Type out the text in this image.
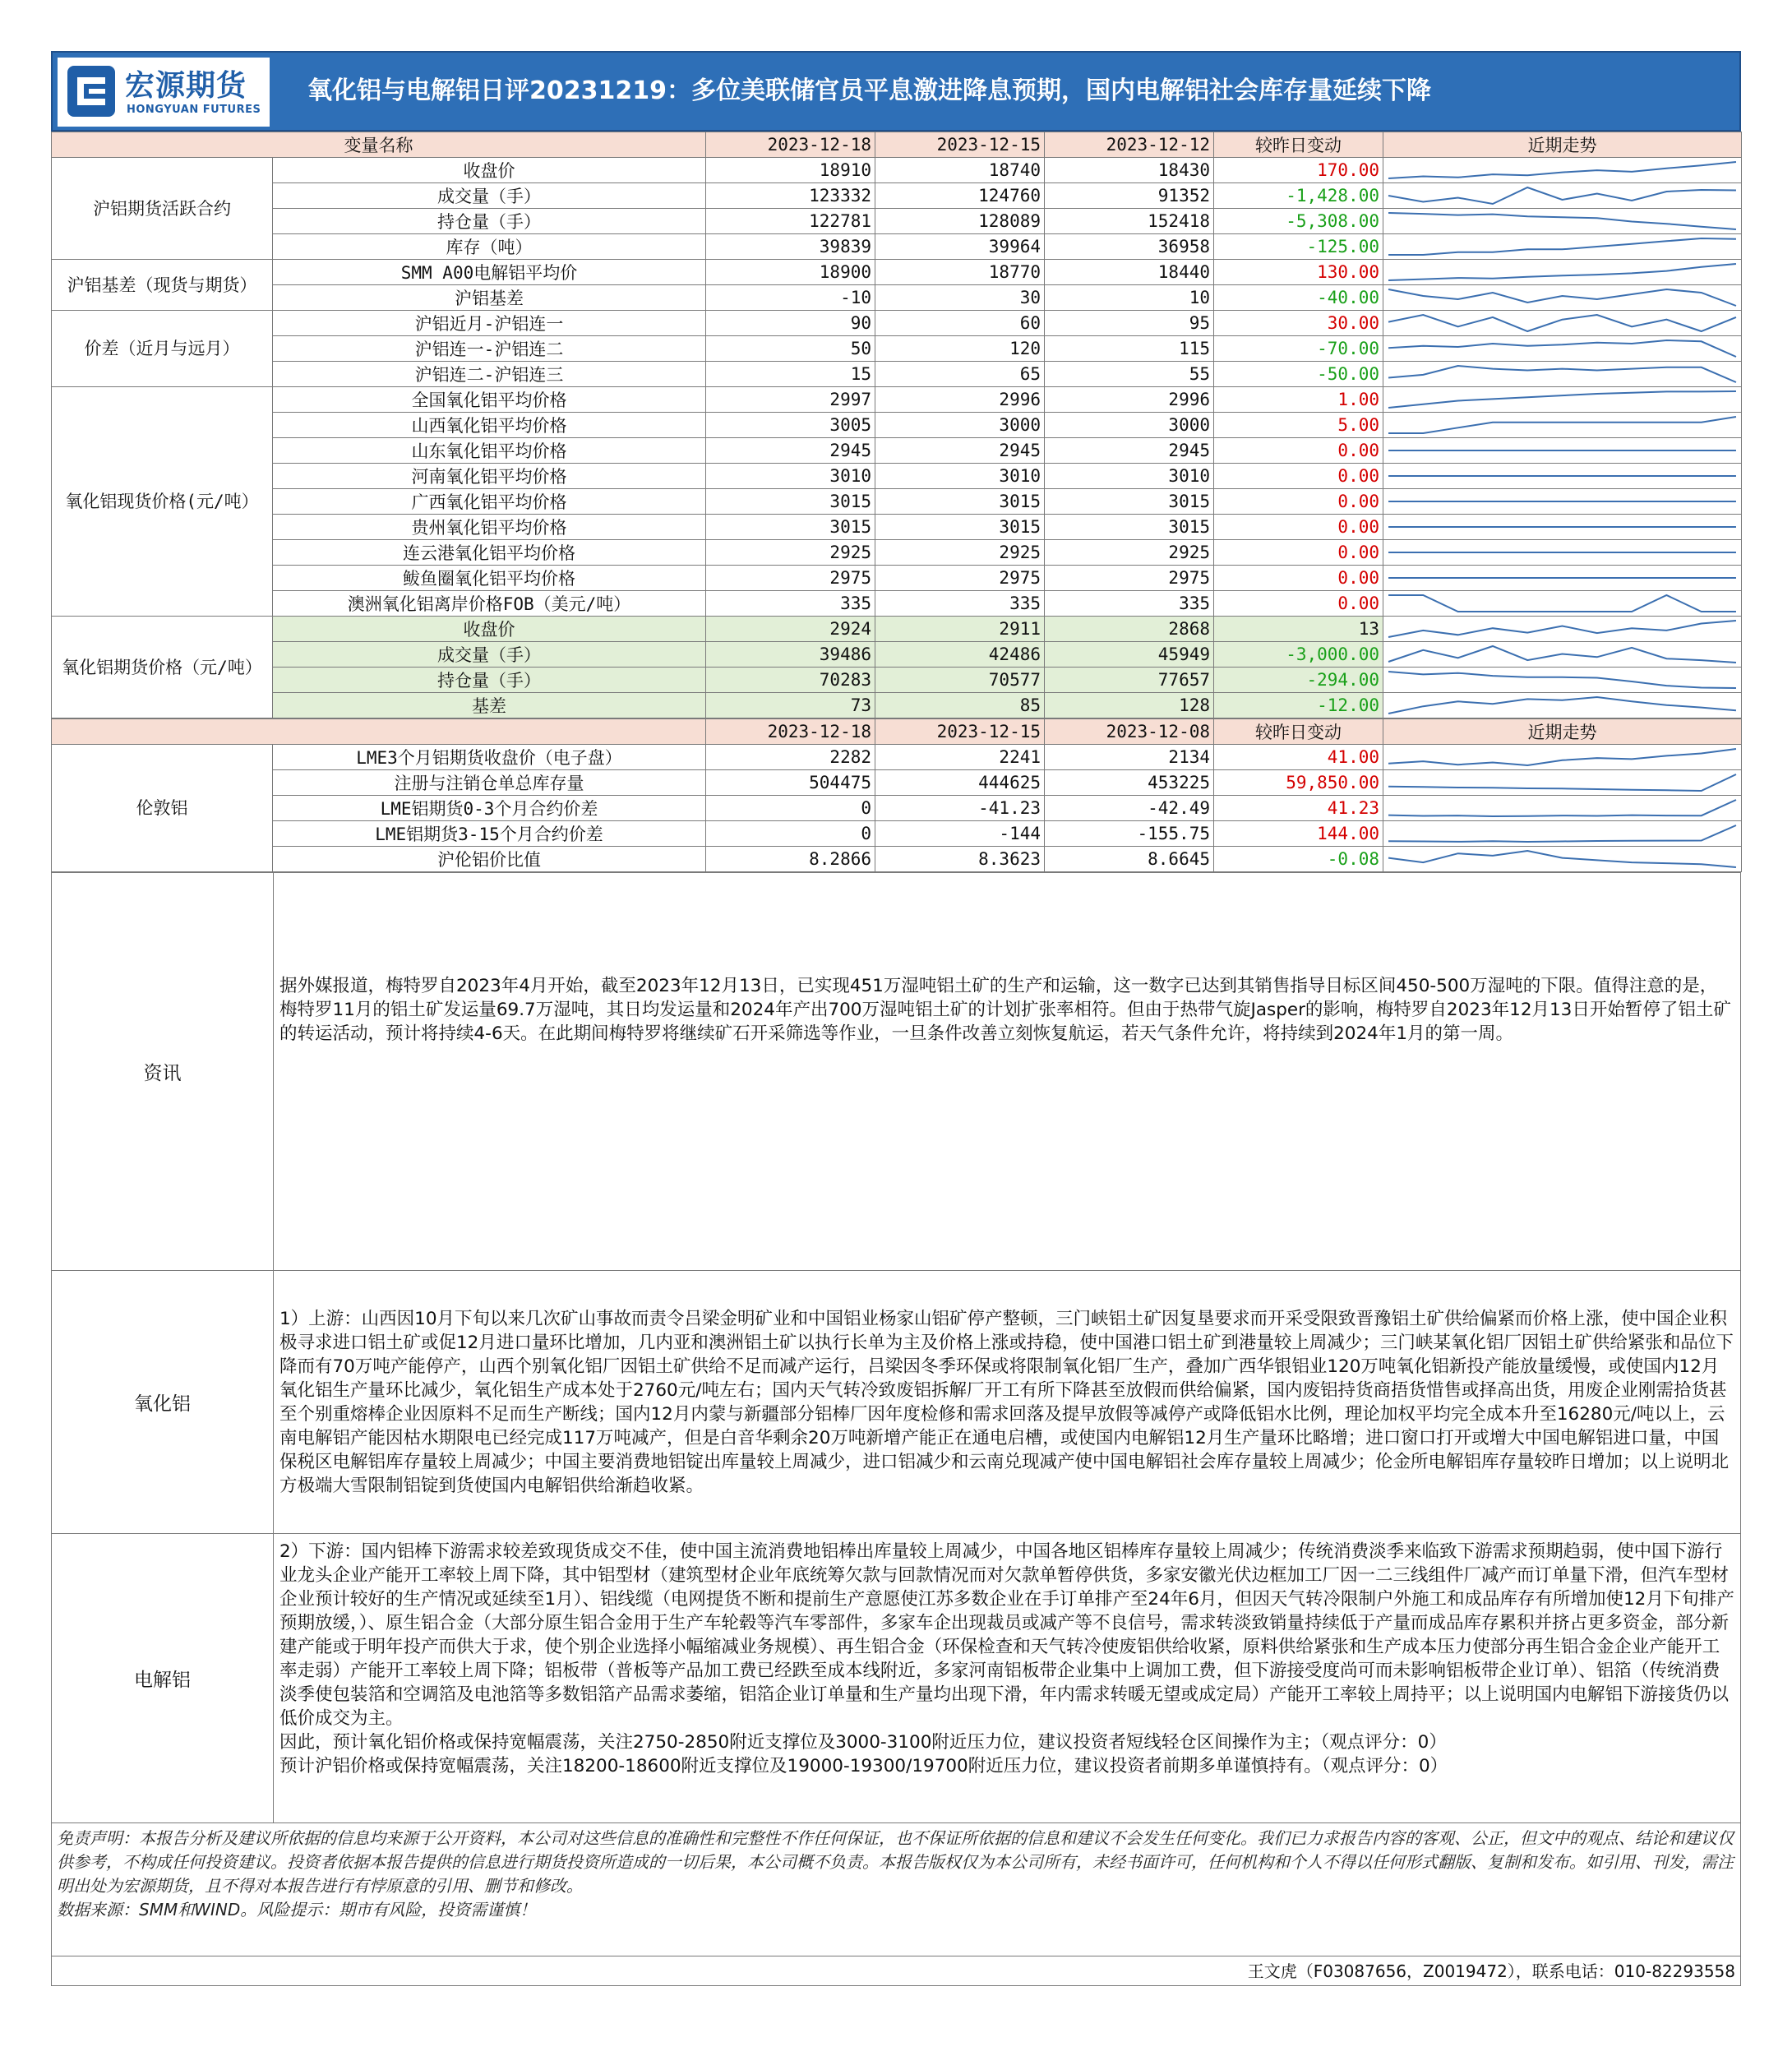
宏源期货
HONGYUAN FUTURES
氧化铝与电解铝日评20231219：多位美联储官员平息激进降息预期，国内电解铝社会库存量延续下降
变量名称		2023-12-18	2023-12-15	2023-12-12	较昨日变动	近期走势
沪铝期货活跃合约	收盘价	18910	18740	18430	170.00	

	成交量（手）	123332	124760	91352	-1,428.00	

	持仓量（手）	122781	128089	152418	-5,308.00	

	库存（吨）	39839	39964	36958	-125.00	

沪铝基差（现货与期货）	SMM A00电解铝平均价	18900	18770	18440	130.00	

	沪铝基差	-10	30	10	-40.00	

价差（近月与远月）	沪铝近月-沪铝连一	90	60	95	30.00	

	沪铝连一-沪铝连二	50	120	115	-70.00	

	沪铝连二-沪铝连三	15	65	55	-50.00	

氧化铝现货价格(元/吨）	全国氧化铝平均价格	2997	2996	2996	1.00	

	山西氧化铝平均价格	3005	3000	3000	5.00	

	山东氧化铝平均价格	2945	2945	2945	0.00	

	河南氧化铝平均价格	3010	3010	3010	0.00	

	广西氧化铝平均价格	3015	3015	3015	0.00	

	贵州氧化铝平均价格	3015	3015	3015	0.00	

	连云港氧化铝平均价格	2925	2925	2925	0.00	

	鲅鱼圈氧化铝平均价格	2975	2975	2975	0.00	

	澳洲氧化铝离岸价格FOB（美元/吨）	335	335	335	0.00	

氧化铝期货价格（元/吨）	收盘价	2924	2911	2868	13	

	成交量（手）	39486	42486	45949	-3,000.00	

	持仓量（手）	70283	70577	77657	-294.00	

	基差	73	85	128	-12.00	
		2023-12-18	2023-12-15	2023-12-08	较昨日变动	近期走势
伦敦铝	LME3个月铝期货收盘价（电子盘）	2282	2241	2134	41.00	

	注册与注销仓单总库存量	504475	444625	453225	59,850.00	

	LME铝期货0-3个月合约价差	0	-41.23	-42.49	41.23	

	LME铝期货3-15个月合约价差	0	-144	-155.75	144.00	

	沪伦铝价比值	8.2866	8.3623	8.6645	-0.08	
资讯	据外媒报道，梅特罗自2023年4月开始，截至2023年12月13日，已实现451万湿吨铝土矿的生产和运输，这一数字已达到其销售指导目标区间450-500万湿吨的下限。值得注意的是，梅特罗11月的铝土矿发运量69.7万湿吨，其日均发运量和2024年产出700万湿吨铝土矿的计划扩张率相符。但由于热带气旋Jasper的影响，梅特罗自2023年12月13日开始暂停了铝土矿的转运活动，预计将持续4-6天。在此期间梅特罗将继续矿石开采筛选等作业，一旦条件改善立刻恢复航运，若天气条件允许，将持续到2024年1月的第一周。

氧化铝	1）上游：山西因10月下旬以来几次矿山事故而责令吕梁金明矿业和中国铝业杨家山铝矿停产整顿，三门峡铝土矿因复垦要求而开采受限致晋豫铝土矿供给偏紧而价格上涨，使中国企业积极寻求进口铝土矿或促12月进口量环比增加，几内亚和澳洲铝土矿以执行长单为主及价格上涨或持稳，使中国港口铝土矿到港量较上周减少；三门峡某氧化铝厂因铝土矿供给紧张和品位下降而有70万吨产能停产，山西个别氧化铝厂因铝土矿供给不足而减产运行，吕梁因冬季环保或将限制氧化铝厂生产，叠加广西华银铝业120万吨氧化铝新投产能放量缓慢，或使国内12月氧化铝生产量环比减少，氧化铝生产成本处于2760元/吨左右；国内天气转冷致废铝拆解厂开工有所下降甚至放假而供给偏紧，国内废铝持货商捂货惜售或择高出货，用废企业刚需拾货甚至个别重熔棒企业因原料不足而生产断线；国内12月内蒙与新疆部分铝棒厂因年度检修和需求回落及提早放假等减停产或降低铝水比例，理论加权平均完全成本升至16280元/吨以上，云南电解铝产能因枯水期限电已经完成117万吨减产，但是白音华剩余20万吨新增产能正在通电启槽，或使国内电解铝12月生产量环比略增；进口窗口打开或增大中国电解铝进口量，中国保税区电解铝库存量较上周减少；中国主要消费地铝锭出库量较上周减少，进口铝减少和云南兑现减产使中国电解铝社会库存量较上周减少；伦金所电解铝库存量较昨日增加；以上说明北方极端大雪限制铝锭到货使国内电解铝供给渐趋收紧。

电解铝	2）下游：国内铝棒下游需求较差致现货成交不佳，使中国主流消费地铝棒出库量较上周减少，中国各地区铝棒库存量较上周减少；传统消费淡季来临致下游需求预期趋弱，使中国下游行业龙头企业产能开工率较上周下降，其中铝型材（建筑型材企业年底统筹欠款与回款情况而对欠款单暂停供货，多家安徽光伏边框加工厂因一二三线组件厂减产而订单量下滑，但汽车型材企业预计较好的生产情况或延续至1月）、铝线缆（电网提货不断和提前生产意愿使江苏多数企业在手订单排产至24年6月，但因天气转冷限制户外施工和成品库存有所增加使12月下旬排产预期放缓，）、原生铝合金（大部分原生铝合金用于生产车轮毂等汽车零部件，多家车企出现裁员或减产等不良信号，需求转淡致销量持续低于产量而成品库存累积并挤占更多资金，部分新建产能或于明年投产而供大于求，使个别企业选择小幅缩减业务规模）、再生铝合金（环保检查和天气转冷使废铝供给收紧，原料供给紧张和生产成本压力使部分再生铝合金企业产能开工率走弱）产能开工率较上周下降；铝板带（普板等产品加工费已经跌至成本线附近，多家河南铝板带企业集中上调加工费，但下游接受度尚可而未影响铝板带企业订单）、铝箔（传统消费淡季使包装箔和空调箔及电池箔等多数铝箔产品需求萎缩，铝箔企业订单量和生产量均出现下滑，年内需求转暖无望或成定局）产能开工率较上周持平；以上说明国内电解铝下游接货仍以低价成交为主。
因此，预计氧化铝价格或保持宽幅震荡，关注2750-2850附近支撑位及3000-3100附近压力位，建议投资者短线轻仓区间操作为主；（观点评分：0）
预计沪铝价格或保持宽幅震荡，关注18200-18600附近支撑位及19000-19300/19700附近压力位，建议投资者前期多单谨慎持有。（观点评分：0）
免责声明：本报告分析及建议所依据的信息均来源于公开资料，本公司对这些信息的准确性和完整性不作任何保证，也不保证所依据的信息和建议不会发生任何变化。我们已力求报告内容的客观、公正，但文中的观点、结论和建议仅供参考，不构成任何投资建议。投资者依据本报告提供的信息进行期货投资所造成的一切后果，本公司概不负责。本报告版权仅为本公司所有，未经书面许可，任何机构和个人不得以任何形式翻版、复制和发布。如引用、刊发，需注明出处为宏源期货，且不得对本报告进行有悖原意的引用、删节和修改。
数据来源：SMM和WIND。风险提示：期市有风险，投资需谨慎！
王文虎（F03087656，Z0019472），联系电话：010-82293558
